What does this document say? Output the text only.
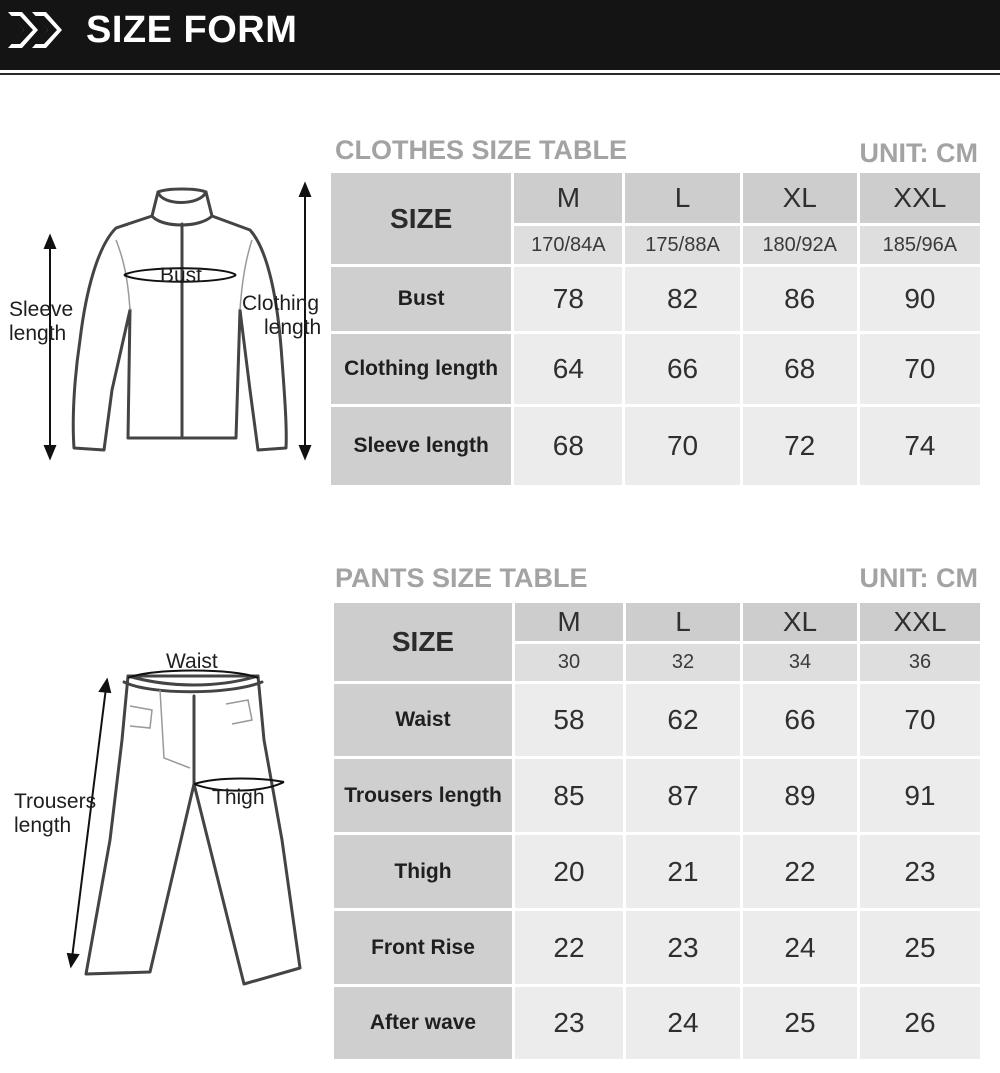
SIZE FORM
Bust
Sleeve
length
Clothing
length
CLOTHES SIZE TABLE	UNIT: CM
SIZE	M	L	XL	XXL
	170/84A	175/88A	180/92A	185/96A
Bust	78	82	86	90
Clothing length	64	66	68	70
Sleeve length	68	70	72	74
Waist
Thigh
Trousers
length
PANTS SIZE TABLE	UNIT: CM
SIZE	M	L	XL	XXL
	30	32	34	36
Waist	58	62	66	70
Trousers length	85	87	89	91
Thigh	20	21	22	23
Front Rise	22	23	24	25
After wave	23	24	25	26
